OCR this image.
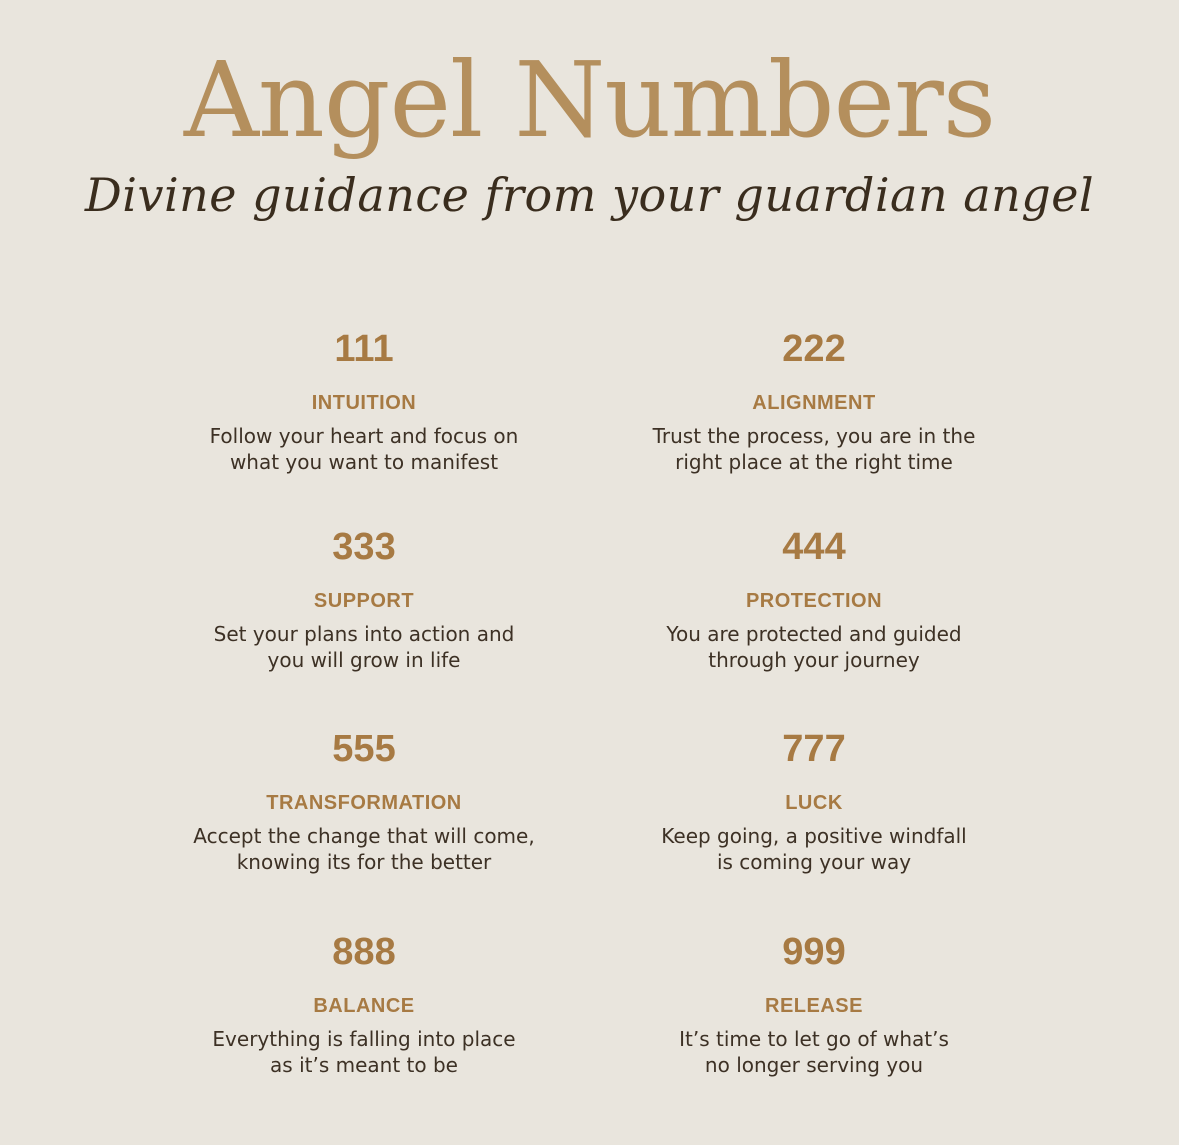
Angel Numbers
Divine guidance from your guardian angel
111
INTUITION
Follow your heart and focus on
what you want to manifest
222
ALIGNMENT
Trust the process, you are in the
right place at the right time
333
SUPPORT
Set your plans into action and
you will grow in life
444
PROTECTION
You are protected and guided
through your journey
555
TRANSFORMATION
Accept the change that will come,
knowing its for the better
777
LUCK
Keep going, a positive windfall
is coming your way
888
BALANCE
Everything is falling into place
as it’s meant to be
999
RELEASE
It’s time to let go of what’s
no longer serving you
